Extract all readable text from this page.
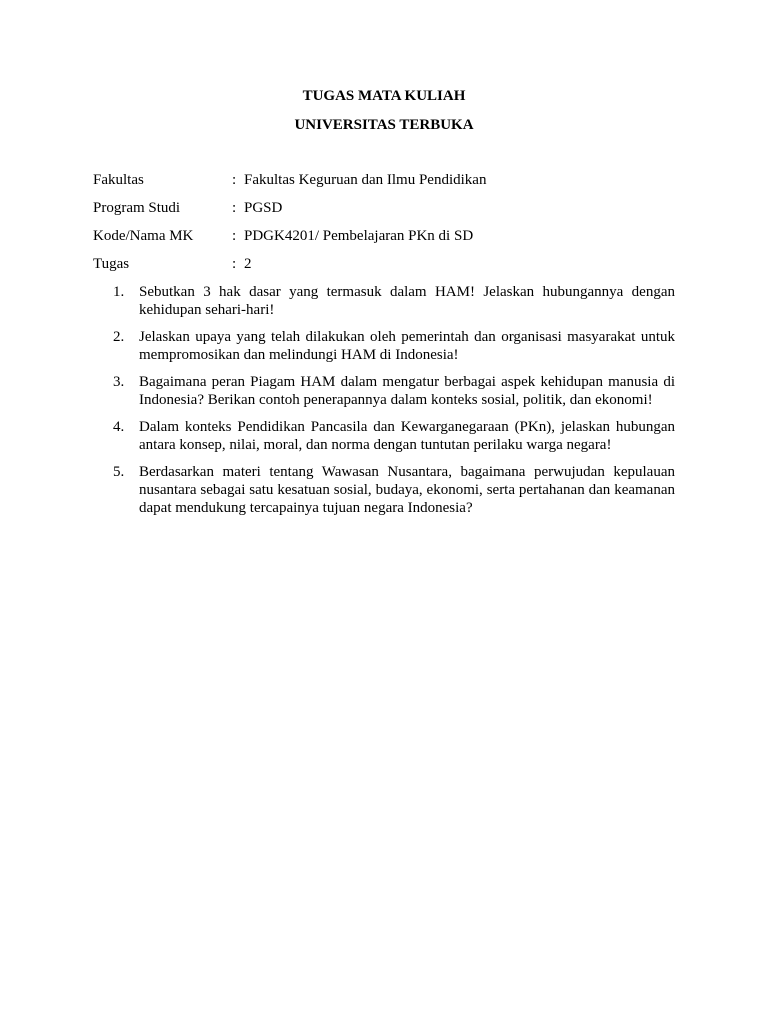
TUGAS MATA KULIAH
UNIVERSITAS TERBUKA
Fakultas	: Fakultas Keguruan dan Ilmu Pendidikan
Program Studi	: PGSD
Kode/Nama MK	: PDGK4201/ Pembelajaran PKn di SD
Tugas	: 2
1. Sebutkan 3 hak dasar yang termasuk dalam HAM! Jelaskan hubungannya dengan kehidupan sehari-hari!
2. Jelaskan upaya yang telah dilakukan oleh pemerintah dan organisasi masyarakat untuk mempromosikan dan melindungi HAM di Indonesia!
3. Bagaimana peran Piagam HAM dalam mengatur berbagai aspek kehidupan manusia di Indonesia? Berikan contoh penerapannya dalam konteks sosial, politik, dan ekonomi!
4. Dalam konteks Pendidikan Pancasila dan Kewarganegaraan (PKn), jelaskan hubungan antara konsep, nilai, moral, dan norma dengan tuntutan perilaku warga negara!
5. Berdasarkan materi tentang Wawasan Nusantara, bagaimana perwujudan kepulauan nusantara sebagai satu kesatuan sosial, budaya, ekonomi, serta pertahanan dan keamanan dapat mendukung tercapainya tujuan negara Indonesia?
